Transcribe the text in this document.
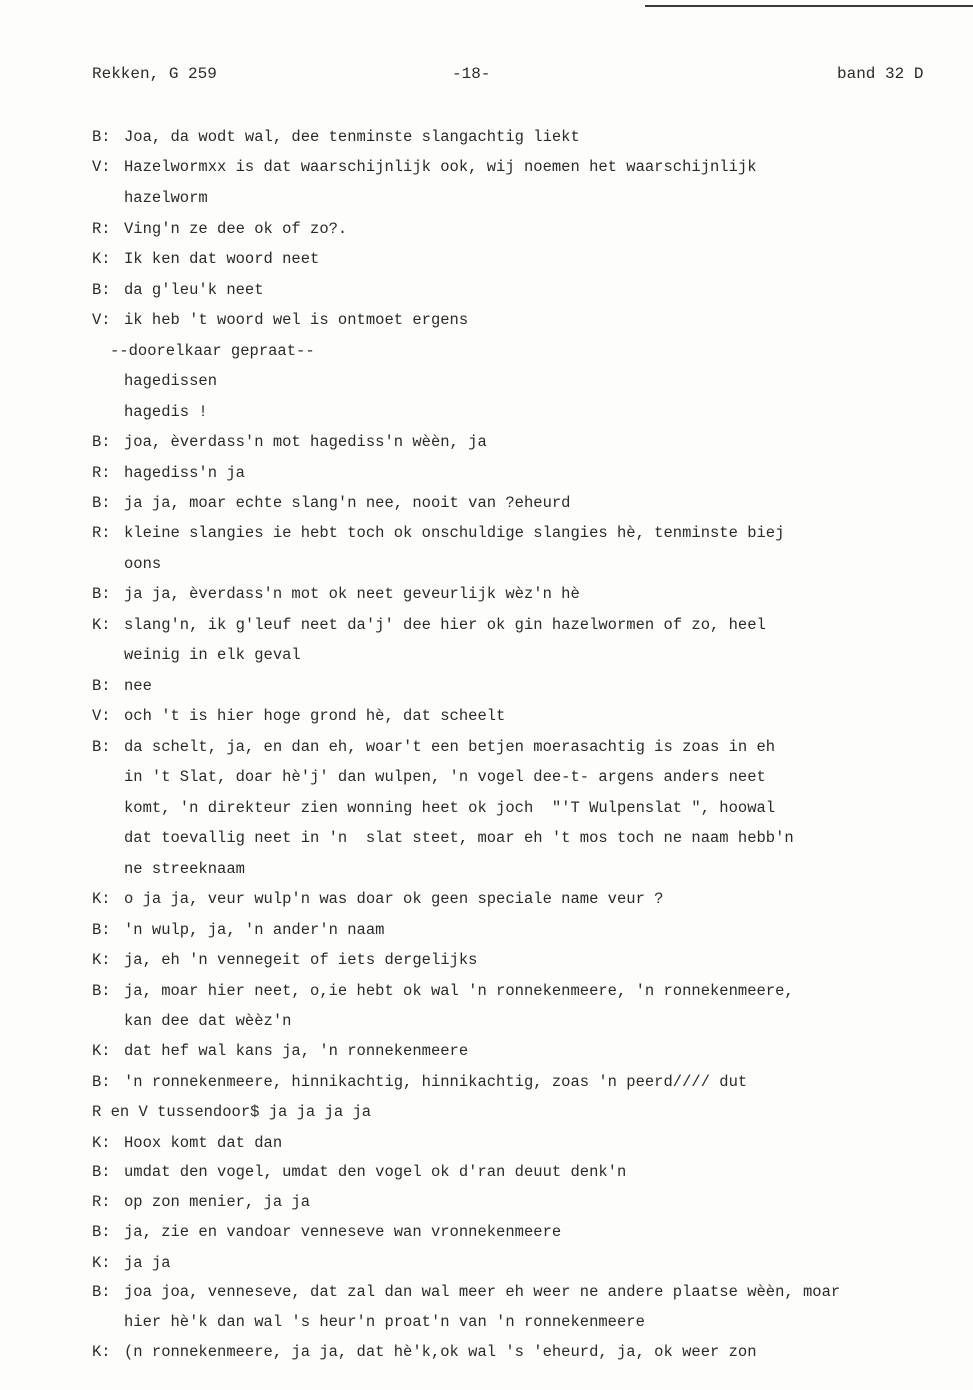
Rekken, G 259	-18-	band 32 D
B: Joa, da wodt wal, dee tenminste slangachtig liekt
V: Hazelwormxx is dat waarschijnlijk ook, wij noemen het waarschijnlijk
hazelworm
R: Ving'n ze dee ok of zo?.
K: Ik ken dat woord neet
B: da g'leu'k neet
V: ik heb 't woord wel is ontmoet ergens
--doorelkaar gepraat--
hagedissen
hagedis !
B: joa, èverdass'n mot hagediss'n wèèn, ja
R: hagediss'n ja
B: ja ja, moar echte slang'n nee, nooit van ?eheurd
R: kleine slangies ie hebt toch ok onschuldige slangies hè, tenminste biej
oons
B: ja ja, èverdass'n mot ok neet geveurlijk wèz'n hè
K: slang'n, ik g'leuf neet da'j' dee hier ok gin hazelwormen of zo, heel
weinig in elk geval
B: nee
V: och 't is hier hoge grond hè, dat scheelt
B: da schelt, ja, en dan eh, woar't een betjen moerasachtig is zoas in eh
in 't Slat, doar hè'j' dan wulpen, 'n vogel dee-t- argens anders neet
komt, 'n direkteur zien wonning heet ok joch  "'T Wulpenslat ", hoowal
dat toevallig neet in 'n  slat steet, moar eh 't mos toch ne naam hebb'n
ne streeknaam
K: o ja ja, veur wulp'n was doar ok geen speciale name veur ?
B: 'n wulp, ja, 'n ander'n naam
K: ja, eh 'n vennegeit of iets dergelijks
B: ja, moar hier neet, o,ie hebt ok wal 'n ronnekenmeere, 'n ronnekenmeere,
kan dee dat wèèz'n
K: dat hef wal kans ja, 'n ronnekenmeere
B: 'n ronnekenmeere, hinnikachtig, hinnikachtig, zoas 'n peerd//// dut
R en V tussendoor$ ja ja ja ja
K: Hoox komt dat dan
B: umdat den vogel, umdat den vogel ok d'ran deuut denk'n
R: op zon menier, ja ja
B: ja, zie en vandoar venneseve wan vronnekenmeere
K: ja ja
B: joa joa, venneseve, dat zal dan wal meer eh weer ne andere plaatse wèèn, moar
hier hè'k dan wal 's heur'n proat'n van 'n ronnekenmeere
K: (n ronnekenmeere, ja ja, dat hè'k,ok wal 's 'eheurd, ja, ok weer zon
